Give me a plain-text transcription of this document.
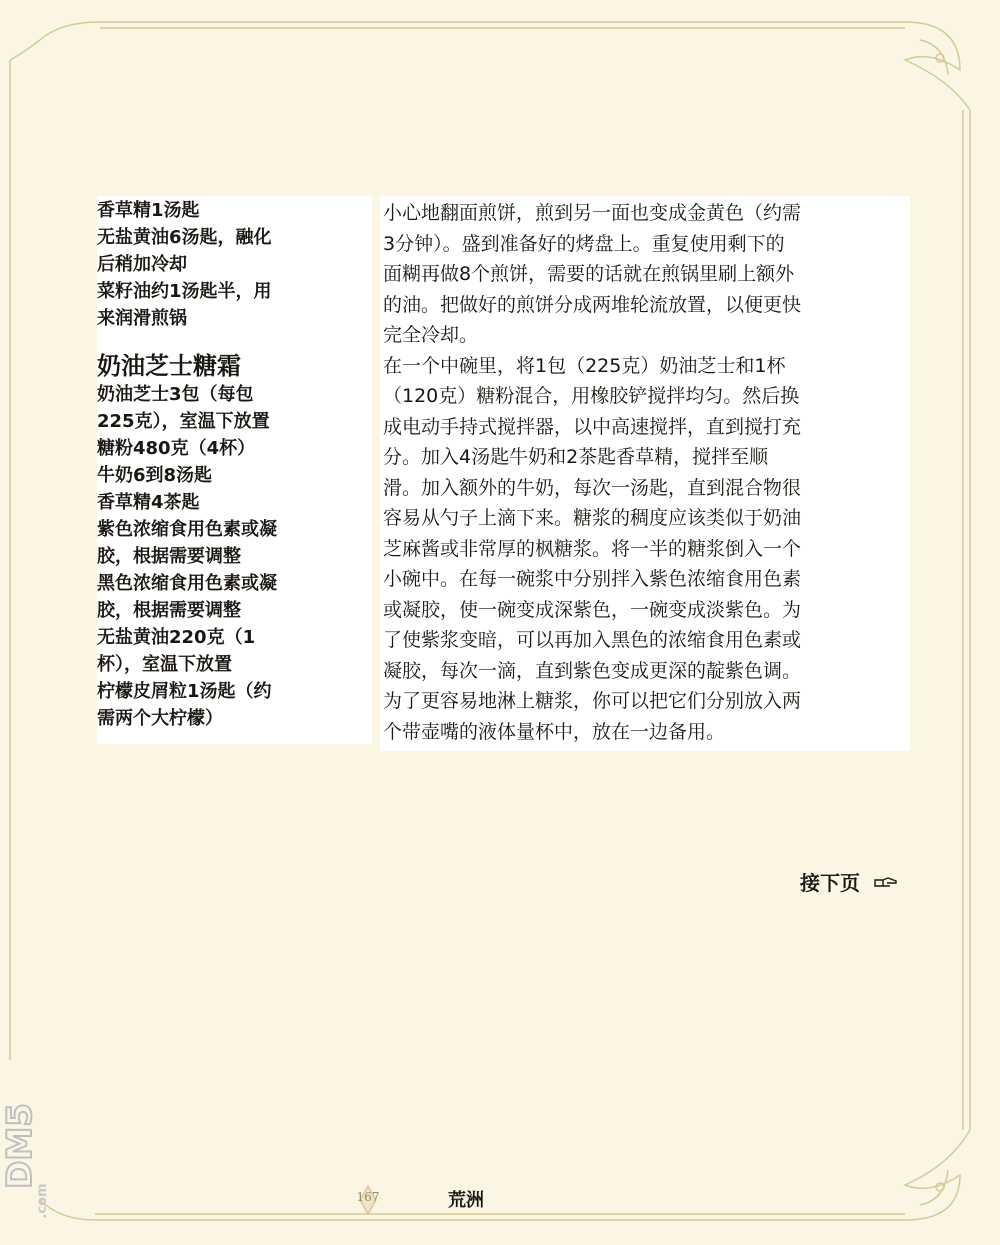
香草精1汤匙
无盐黄油6汤匙，融化
后稍加冷却
菜籽油约1汤匙半，用
来润滑煎锅
奶油芝士糖霜
奶油芝士3包（每包
225克），室温下放置
糖粉480克（4杯）
牛奶6到8汤匙
香草精4茶匙
紫色浓缩食用色素或凝
胶，根据需要调整
黑色浓缩食用色素或凝
胶，根据需要调整
无盐黄油220克（1
杯），室温下放置
柠檬皮屑粒1汤匙（约
需两个大柠檬）
小心地翻面煎饼，煎到另一面也变成金黄色（约需
3分钟）。盛到准备好的烤盘上。重复使用剩下的
面糊再做8个煎饼，需要的话就在煎锅里刷上额外
的油。把做好的煎饼分成两堆轮流放置，以便更快
完全冷却。
在一个中碗里，将1包（225克）奶油芝士和1杯
（120克）糖粉混合，用橡胶铲搅拌均匀。然后换
成电动手持式搅拌器，以中高速搅拌，直到搅打充
分。加入4汤匙牛奶和2茶匙香草精，搅拌至顺
滑。加入额外的牛奶，每次一汤匙，直到混合物很
容易从勺子上滴下来。糖浆的稠度应该类似于奶油
芝麻酱或非常厚的枫糖浆。将一半的糖浆倒入一个
小碗中。在每一碗浆中分别拌入紫色浓缩食用色素
或凝胶，使一碗变成深紫色，一碗变成淡紫色。为
了使紫浆变暗，可以再加入黑色的浓缩食用色素或
凝胶，每次一滴，直到紫色变成更深的靛紫色调。
为了更容易地淋上糖浆，你可以把它们分别放入两
个带壶嘴的液体量杯中，放在一边备用。
接下页
167	荒洲
DM5
.com
